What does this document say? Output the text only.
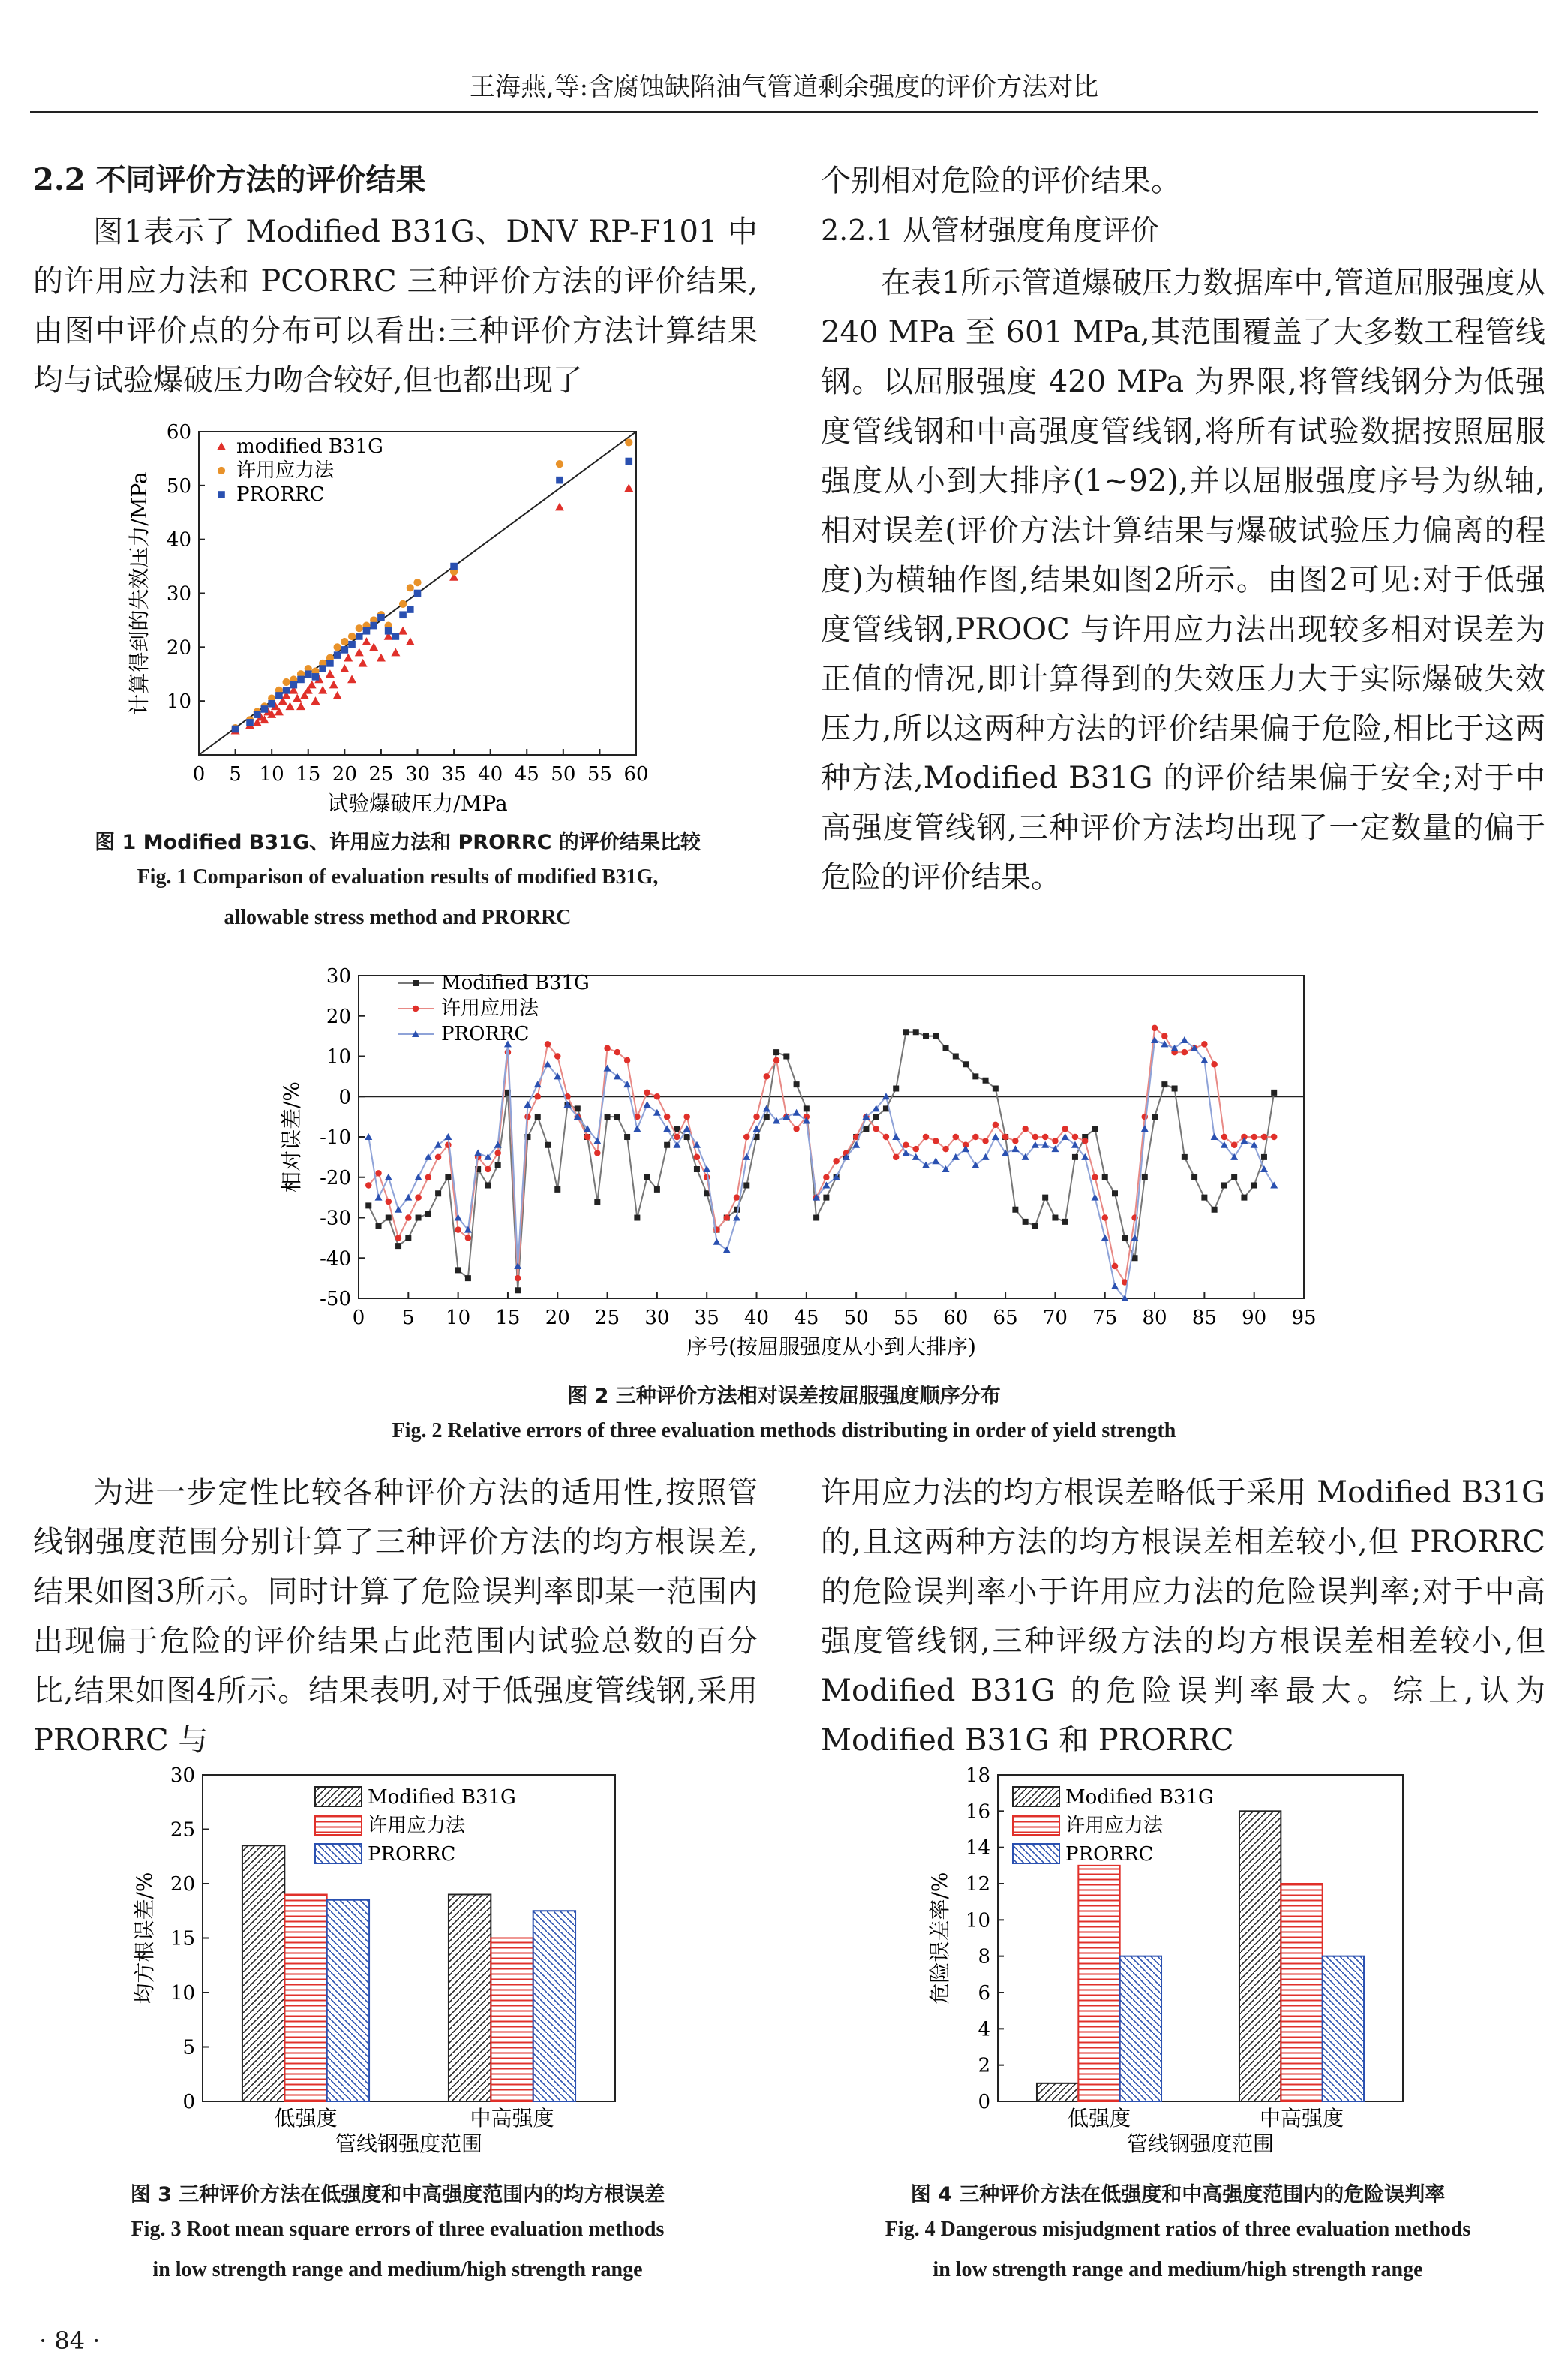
王海燕,等:含腐蚀缺陷油气管道剩余强度的评价方法对比
2.2 不同评价方法的评价结果

图1表示了 Modified B31G、DNV RP-F101 中的许用应力法和 PCORRC 三种评价方法的评价结果,由图中评价点的分布可以看出:三种评价方法计算结果均与试验爆破压力吻合较好,但也都出现了

个别相对危险的评价结果。

2.2.1 从管材强度角度评价

在表1所示管道爆破压力数据库中,管道屈服强度从 240 MPa 至 601 MPa,其范围覆盖了大多数工程管线钢。以屈服强度 420 MPa 为界限,将管线钢分为低强度管线钢和中高强度管线钢,将所有试验数据按照屈服强度从小到大排序(1~92),并以屈服强度序号为纵轴,相对误差(评价方法计算结果与爆破试验压力偏离的程度)为横轴作图,结果如图2所示。由图2可见:对于低强度管线钢,PROOC 与许用应力法出现较多相对误差为正值的情况,即计算得到的失效压力大于实际爆破失效压力,所以这两种方法的评价结果偏于危险,相比于这两种方法,Modified B31G 的评价结果偏于安全;对于中高强度管线钢,三种评价方法均出现了一定数量的偏于危险的评价结果。

0 5 10 15 20 25 30 35 40 45 50 55 60
10
20
30
40
50
60
试验爆破压力/MPa
计算得到的失效压力/MPa
modified B31G
许用应力法
PRORRC
图 1 Modified B31G、许用应力法和 PRORRC 的评价结果比较
Fig. 1 Comparison of evaluation results of modified B31G,
allowable stress method and PRORRC
0 5 10 15 20 25 30 35 40 45 50 55 60 65 70 75 80 85 90 95
30
20
10
0
-10
-20
-30
-40
-50
序号(按屈服强度从小到大排序)
相对误差/%
Modified B31G
许用应用法
PRORRC
图 2 三种评价方法相对误差按屈服强度顺序分布
Fig. 2 Relative errors of three evaluation methods distributing in order of yield strength

为进一步定性比较各种评价方法的适用性,按照管线钢强度范围分别计算了三种评价方法的均方根误差,结果如图3所示。同时计算了危险误判率即某一范围内出现偏于危险的评价结果占此范围内试验总数的百分比,结果如图4所示。结果表明,对于低强度管线钢,采用 PRORRC 与

许用应力法的均方根误差略低于采用 Modified B31G 的,且这两种方法的均方根误差相差较小,但 PRORRC 的危险误判率小于许用应力法的危险误判率;对于中高强度管线钢,三种评级方法的均方根误差相差较小,但 Modified B31G 的危险误判率最大。综上,认为 Modified B31G 和 PRORRC

0
5
10
15
20
25
30
低强度	中高强度
管线钢强度范围
均方根误差/%
Modified B31G
许用应力法
PRORRC
0
2
4
6
8
10
12
14
16
18
低强度	中高强度
管线钢强度范围
危险误差率/%
Modified B31G
许用应力法
PRORRC
图 3 三种评价方法在低强度和中高强度范围内的均方根误差
Fig. 3 Root mean square errors of three evaluation methods
in low strength range and medium/high strength range
图 4 三种评价方法在低强度和中高强度范围内的危险误判率
Fig. 4 Dangerous misjudgment ratios of three evaluation methods
in low strength range and medium/high strength range
· 84 ·
